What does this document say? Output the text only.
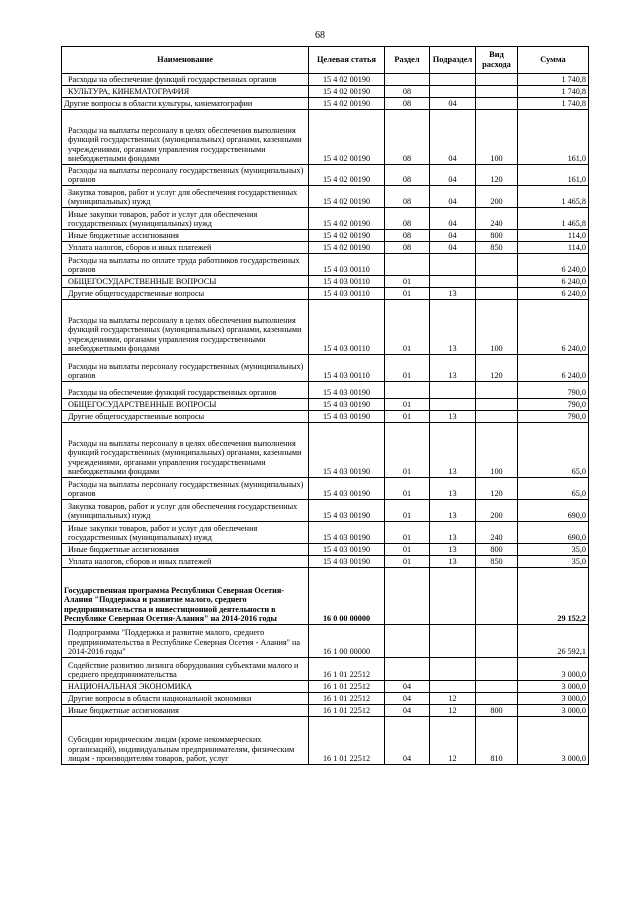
68
Наименование	Целевая статья	Раздел	Подраздел	Вид расхода	Сумма
Расходы на обеспечение функций государственных органов	15 4 02 00190				1 740,8
КУЛЬТУРА, КИНЕМАТОГРАФИЯ	15 4 02 00190	08			1 740,8
Другие вопросы в области культуры, кинематографии	15 4 02 00190	08	04		1 740,8
Расходы на выплаты персоналу в целях обеспечения выполнения функций государственных (муниципальных) органами, казенными учреждениями, органами управления государственными внебюджетными фондами	15 4 02 00190	08	04	100	161,0
Расходы на выплаты персоналу государственных (муниципальных) органов	15 4 02 00190	08	04	120	161,0
Закупка товаров, работ и услуг для обеспечения государственных (муниципальных) нужд	15 4 02 00190	08	04	200	1 465,8
Иные закупки товаров, работ и услуг для обеспечения государственных (муниципальных) нужд	15 4 02 00190	08	04	240	1 465,8
Иные бюджетные ассигнования	15 4 02 00190	08	04	800	114,0
Уплата налогов, сборов и иных платежей	15 4 02 00190	08	04	850	114,0
Расходы на выплаты по оплате труда работников государственных органов	15 4 03 00110				6 240,0
ОБЩЕГОСУДАРСТВЕННЫЕ ВОПРОСЫ	15 4 03 00110	01			6 240,0
Другие общегосударственные вопросы	15 4 03 00110	01	13		6 240,0
Расходы на выплаты персоналу в целях обеспечения выполнения функций государственных (муниципальных) органами, казенными учреждениями, органами управления государственными внебюджетными фондами	15 4 03 00110	01	13	100	6 240,0
Расходы на выплаты персоналу государственных (муниципальных) органов	15 4 03 00110	01	13	120	6 240,0
Расходы на обеспечение функций государственных органов	15 4 03 00190				790,0
ОБЩЕГОСУДАРСТВЕННЫЕ ВОПРОСЫ	15 4 03 00190	01			790,0
Другие общегосударственные вопросы	15 4 03 00190	01	13		790,0
Расходы на выплаты персоналу в целях обеспечения выполнения функций государственных (муниципальных) органами, казенными учреждениями, органами управления государственными внебюджетными фондами	15 4 03 00190	01	13	100	65,0
Расходы на выплаты персоналу государственных (муниципальных) органов	15 4 03 00190	01	13	120	65,0
Закупка товаров, работ и услуг для обеспечения государственных (муниципальных) нужд	15 4 03 00190	01	13	200	690,0
Иные закупки товаров, работ и услуг для обеспечения государственных (муниципальных) нужд	15 4 03 00190	01	13	240	690,0
Иные бюджетные ассигнования	15 4 03 00190	01	13	800	35,0
Уплата налогов, сборов и иных платежей	15 4 03 00190	01	13	850	35,0
Государственная программа Республики Северная Осетия-Алания "Поддержка и развитие малого, среднего предпринимательства и инвестиционной деятельности в Республике Северная Осетия-Алания" на 2014-2016 годы	16 0 00 00000				29 152,2
Подпрограмма "Поддержка и развитие малого, среднего предпринимательства в Республике Северная Осетия - Алания" на 2014-2016 годы"	16 1 00 00000				26 592,1
Содействие развитию лизинга оборудования субъектами малого и среднего предпринимательства	16 1 01 22512				3 000,0
НАЦИОНАЛЬНАЯ ЭКОНОМИКА	16 1 01 22512	04			3 000,0
Другие вопросы в области национальной экономики	16 1 01 22512	04	12		3 000,0
Иные бюджетные ассигнования	16 1 01 22512	04	12	800	3 000,0
Субсидии юридическим лицам (кроме некоммерческих организаций), индивидуальным предпринимателям, физическим лицам - производителям товаров, работ, услуг	16 1 01 22512	04	12	810	3 000,0
